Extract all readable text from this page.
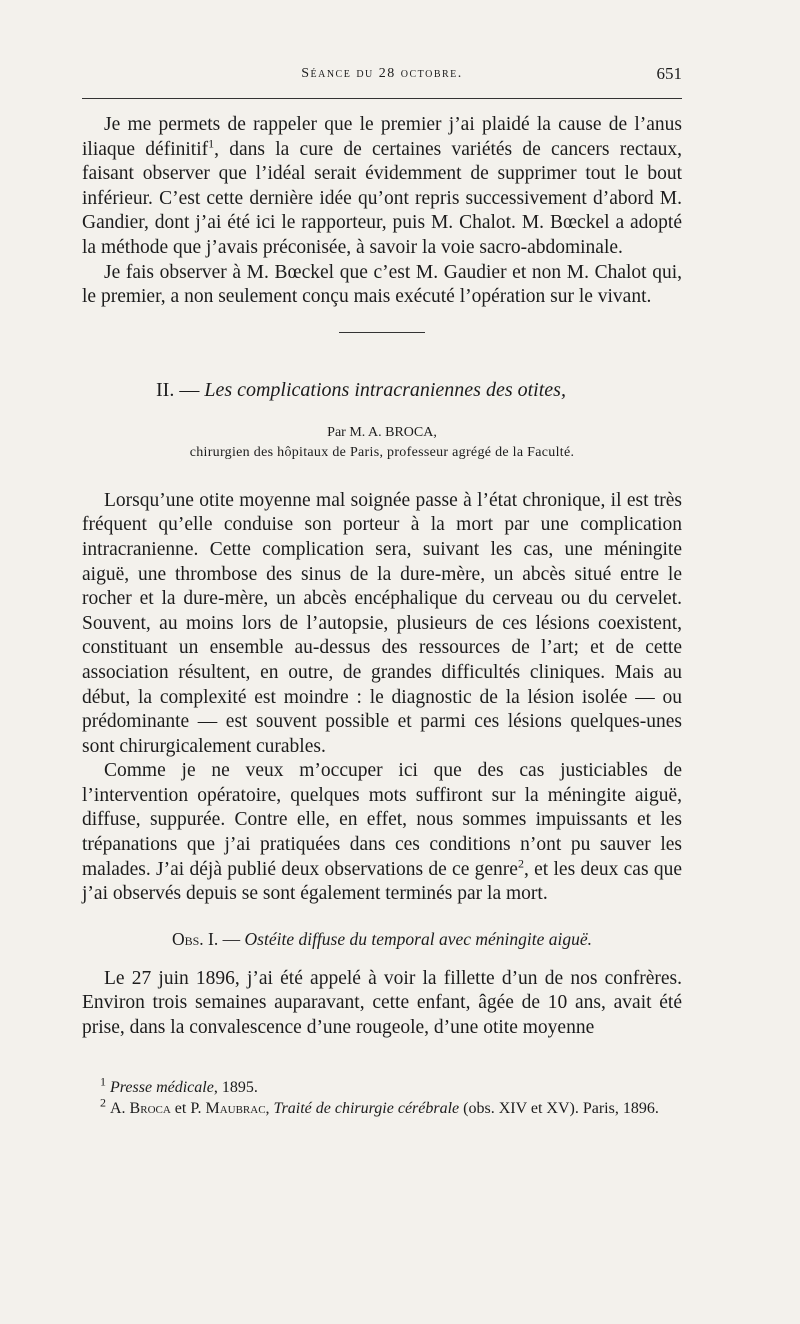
Séance du 28 octobre.	651

Je me permets de rappeler que le premier j’ai plaidé la cause de l’anus iliaque définitif$^1$, dans la cure de certaines variétés de cancers rectaux, faisant observer que l’idéal serait évidemment de supprimer tout le bout inférieur. C’est cette dernière idée qu’ont repris successivement d’abord M. Gandier, dont j’ai été ici le rapporteur, puis M. Chalot. M. Bœckel a adopté la méthode que j’avais préconisée, à savoir la voie sacro-abdominale.

Je fais observer à M. Bœckel que c’est M. Gaudier et non M. Chalot qui, le premier, a non seulement conçu mais exécuté l’opération sur le vivant.

II. — Les complications intracraniennes des otites,
Par M. A. BROCA,
chirurgien des hôpitaux de Paris, professeur agrégé de la Faculté.

Lorsqu’une otite moyenne mal soignée passe à l’état chronique, il est très fréquent qu’elle conduise son porteur à la mort par une complication intracranienne. Cette complication sera, suivant les cas, une méningite aiguë, une thrombose des sinus de la dure-mère, un abcès situé entre le rocher et la dure-mère, un abcès encéphalique du cerveau ou du cervelet. Souvent, au moins lors de l’autopsie, plusieurs de ces lésions coexistent, constituant un ensemble au-dessus des ressources de l’art; et de cette association résultent, en outre, de grandes difficultés cliniques. Mais au début, la complexité est moindre : le diagnostic de la lésion isolée — ou prédominante — est souvent possible et parmi ces lésions quelques-unes sont chirurgicalement curables.

Comme je ne veux m’occuper ici que des cas justiciables de l’intervention opératoire, quelques mots suffiront sur la méningite aiguë, diffuse, suppurée. Contre elle, en effet, nous sommes impuissants et les trépanations que j’ai pratiquées dans ces conditions n’ont pu sauver les malades. J’ai déjà publié deux observations de ce genre$^2$, et les deux cas que j’ai observés depuis se sont également terminés par la mort.

Obs. I. — Ostéite diffuse du temporal avec méningite aiguë.

Le 27 juin 1896, j’ai été appelé à voir la fillette d’un de nos confrères. Environ trois semaines auparavant, cette enfant, âgée de 10 ans, avait été prise, dans la convalescence d’une rougeole, d’une otite moyenne

$^1$ Presse médicale, 1895.

$^2$ A. Broca et P. Maubrac, Traité de chirurgie cérébrale (obs. XIV et XV). Paris, 1896.
